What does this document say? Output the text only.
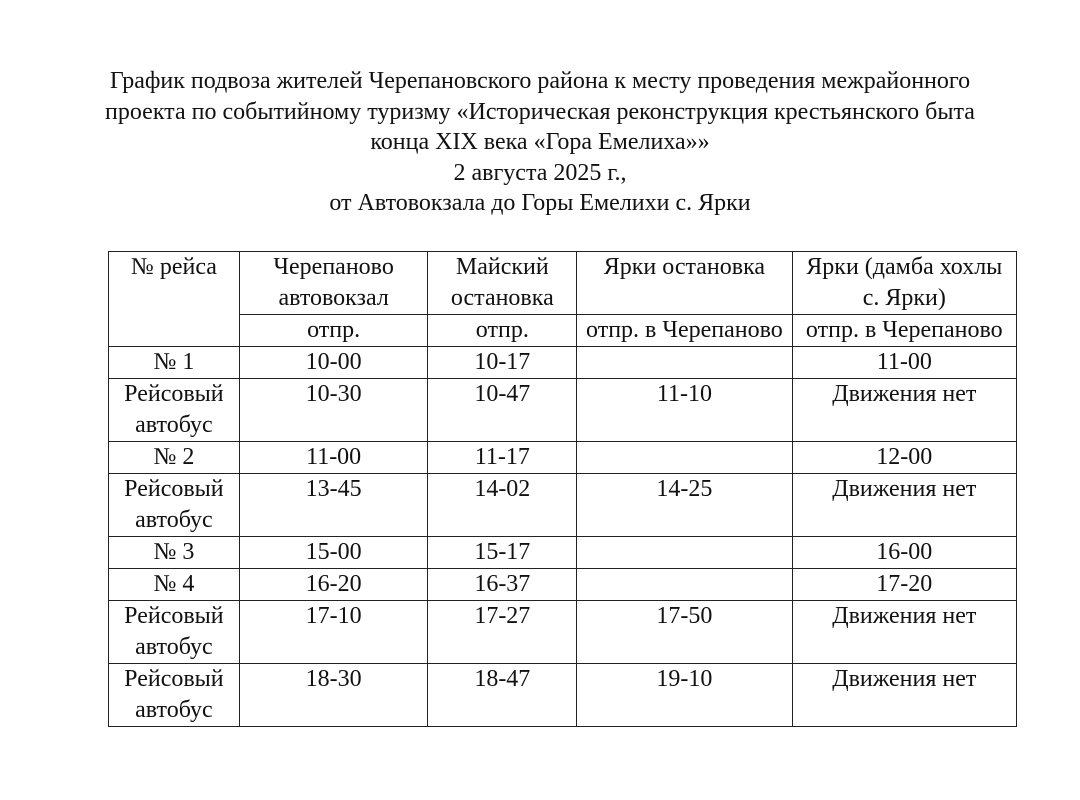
График подвоза жителей Черепановского района к месту проведения межрайонного
проекта по событийному туризму «Историческая реконструкция крестьянского быта
конца XIX века «Гора Емелиха»»
2 августа 2025 г.,
от Автовокзала до Горы Емелихи с. Ярки
№ рейса	Черепаново автовокзал	Майский остановка	Ярки остановка	Ярки (дамба хохлы с. Ярки)
	отпр.	отпр.	отпр. в Черепаново	отпр. в Черепаново
№ 1	10-00	10-17		11-00
Рейсовый автобус	10-30	10-47	11-10	Движения нет
№ 2	11-00	11-17		12-00
Рейсовый автобус	13-45	14-02	14-25	Движения нет
№ 3	15-00	15-17		16-00
№ 4	16-20	16-37		17-20
Рейсовый автобус	17-10	17-27	17-50	Движения нет
Рейсовый автобус	18-30	18-47	19-10	Движения нет
